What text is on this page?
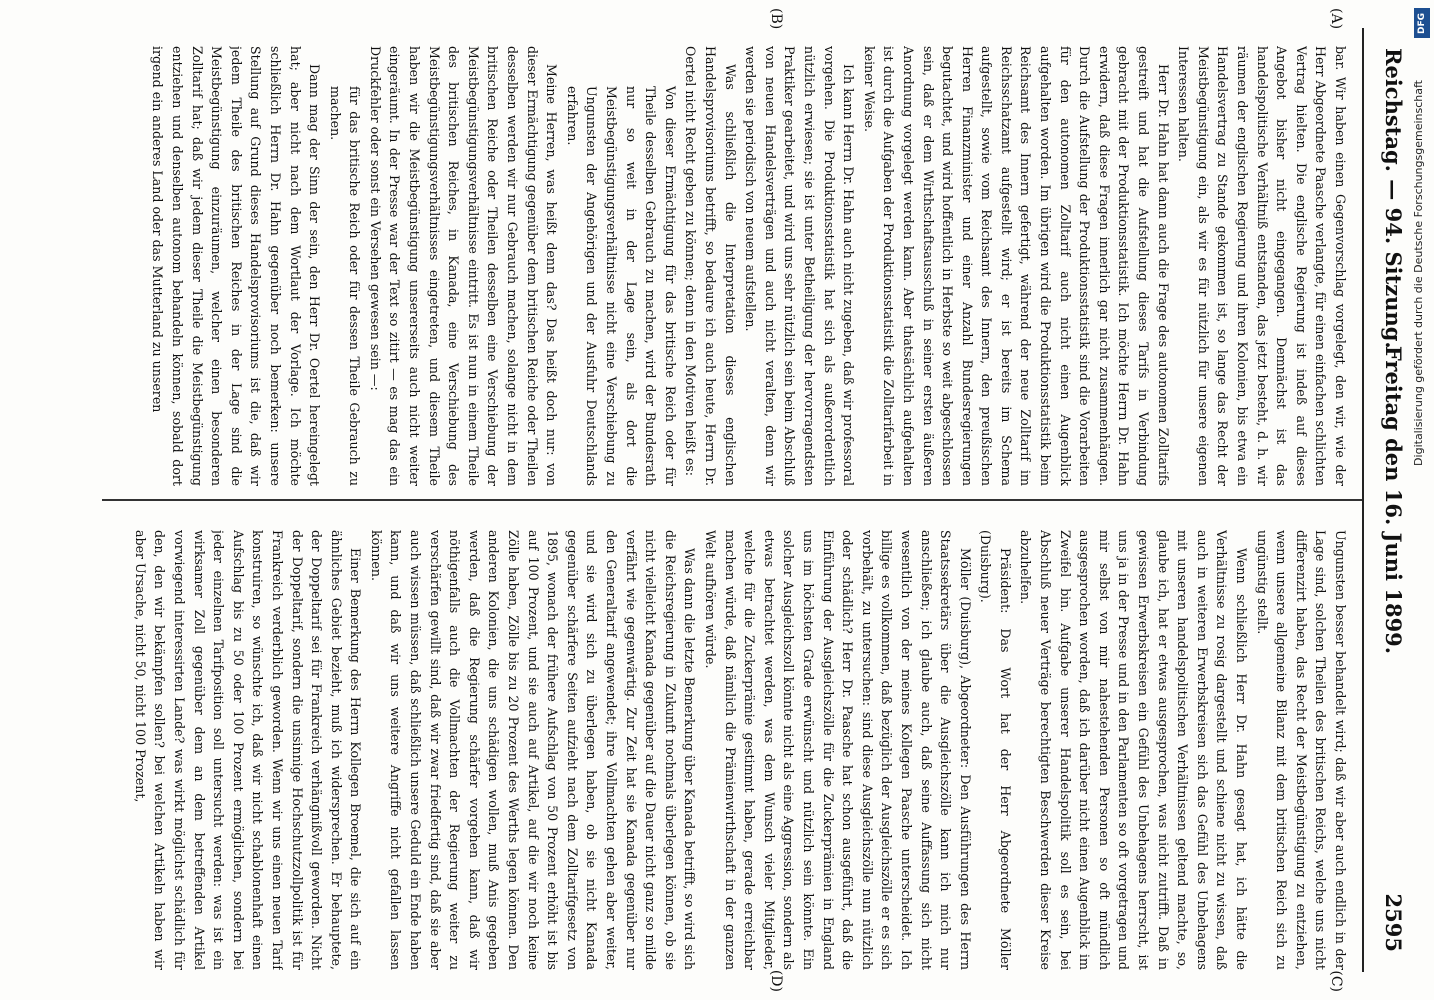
Reichstag. — 94. Sitzung.
Freitag den 16. Juni 1899.
2595
(A)
(B)
(C)
(D)

bar. Wir haben einen Gegenvorschlag vorgelegt, den wir, wie der Herr Abgeordnete Paasche verlangte, für einen einfachen schlichten Vertrag hielten. Die englische Regierung ist indeß auf dieses Angebot bisher nicht eingegangen. Demnächst ist das handelspolitische Verhältniß entstanden, das jetzt besteht, d. h. wir räumen der englischen Regierung und ihren Kolonien, bis etwa ein Handelsvertrag zu Stande gekommen ist, so lange das Recht der Meistbegünstigung ein, als wir es für nützlich für unsere eigenen Interessen halten.

Herr Dr. Hahn hat dann auch die Frage des autonomen Zolltarifs gestreift und hat die Aufstellung dieses Tarifs in Verbindung gebracht mit der Produktionsstatistik. Ich möchte Herrn Dr. Hahn erwidern, daß diese Fragen innerlich gar nicht zusammenhängen. Durch die Aufstellung der Produktionsstatistik sind die Vorarbeiten für den autonomen Zolltarif auch nicht einen Augenblick aufgehalten worden. Im übrigen wird die Produktionsstatistik beim Reichsamt des Innern gefertigt, während der neue Zolltarif im Reichsschatzamt aufgestellt wird; er ist bereits im Schema aufgestellt, sowie vom Reichsamt des Innern, den preußischen Herren Finanzminister und einer Anzahl Bundesregierungen begutachtet, und wird hoffentlich in Herbste so weit abgeschlossen sein, daß er dem Wirthschaftsausschuß in seiner ersten äußeren Anordnung vorgelegt werden kann. Aber thatsächlich aufgehalten ist durch die Aufgaben der Produktionsstatistik die Zolltarifarbeit in keiner Weise.

Ich kann Herrn Dr. Hahn auch nicht zugeben, daß wir professoral vorgehen. Die Produktionsstatistik hat sich als außerordentlich nützlich erwiesen; sie ist unter Betheiligung der hervorragendsten Praktiker gearbeitet, und wird uns sehr nützlich sein beim Abschluß von neuen Handelsverträgen und auch nicht veralten, denn wir werden sie periodisch von neuem aufstellen.

Was schließlich die Interpretation dieses englischen Handelsprovisoriums betrifft, so bedaure ich auch heute, Herrn Dr. Oertel nicht Recht geben zu können; denn in den Motiven heißt es:

Von dieser Ermächtigung für das britische Reich oder für Theile desselben Gebrauch zu machen, wird der Bundesrath nur so weit in der Lage sein, als dort die Meistbegünstigungsverhältnisse nicht eine Verschiebung zu Ungunsten der Angehörigen und der Ausfuhr Deutschlands erfahren.

Meine Herren, was heißt denn das? Das heißt doch nur: von dieser Ermächtigung gegenüber dem britischen Reiche oder Theilen desselben werden wir nur Gebrauch machen, solange nicht in dem britischen Reiche oder Theilen desselben eine Verschiebung der Meistbegünstigungsverhältnisse eintritt. Es ist nun in einem Theile des britischen Reiches, in Kanada, eine Verschiebung des Meistbegünstigungsverhältnisses eingetreten, und diesem Theile haben wir die Meistbegünstigung unsererseits auch nicht weiter eingeräumt. In der Presse war der Text so zitirt — es mag das ein Druckfehler oder sonst ein Versehen gewesen sein —:

für das britische Reich oder für dessen Theile Gebrauch zu machen.

Dann mag der Sinn der sein, den Herr Dr. Oertel hereingelegt hat; aber nicht nach dem Wortlaut der Vorlage. Ich möchte schließlich Herrn Dr. Hahn gegenüber noch bemerken: unsere Stellung auf Grund dieses Handelsprovisoriums ist die, daß wir jedem Theile des britischen Reiches in der Lage sind die Meistbegünstigung einzuräumen, welcher einen besonderen Zolltarif hat; daß wir jedem dieser Theile die Meistbegünstigung entziehen und denselben autonom behandeln können, sobald dort irgend ein anderes Land oder das Mutterland zu unseren

Ungunsten besser behandelt wird; daß wir aber auch endlich in der Lage sind, solchen Theilen des britischen Reichs, welche uns nicht differenzirt haben, das Recht der Meistbegünstigung zu entziehen, wenn unsere allgemeine Bilanz mit dem britischen Reich sich zu ungünstig stellt.

Wenn schließlich Herr Dr. Hahn gesagt hat, ich hätte die Verhältnisse zu rosig dargestellt und schiene nicht zu wissen, daß auch in weiteren Erwerbskreisen sich das Gefühl des Unbehagens mit unseren handelspolitischen Verhältnissen geltend machte, so, glaube ich, hat er etwas ausgesprochen, was nicht zutrifft. Daß in gewissen Erwerbskreisen ein Gefühl des Unbehagens herrscht, ist uns ja in der Presse und in den Parlamenten so oft vorgetragen und mir selbst von mir nahestehenden Personen so oft mündlich ausgesprochen worden, daß ich darüber nicht einen Augenblick im Zweifel bin. Aufgabe unserer Handelspolitik soll es sein, bei Abschluß neuer Verträge berechtigten Beschwerden dieser Kreise abzuhelfen.

Präsident: Das Wort hat der Herr Abgeordnete Möller (Duisburg).

Möller (Duisburg), Abgeordneter: Den Ausführungen des Herrn Staatssekretärs über die Ausgleichszölle kann ich mich nur anschließen; ich glaube auch, daß seine Auffassung sich nicht wesentlich von der meines Kollegen Paasche unterscheidet. Ich billige es vollkommen, daß bezüglich der Ausgleichszölle er es sich vorbehält, zu untersuchen: sind diese Ausgleichszölle nun nützlich oder schädlich? Herr Dr. Paasche hat schon ausgeführt, daß die Einführung der Ausgleichszölle für die Zuckerprämien in England uns im höchsten Grade erwünscht und nützlich sein könnte. Ein solcher Ausgleichszoll könnte nicht als eine Aggression, sondern als etwas betrachtet werden, was dem Wunsch vieler Mitglieder, welche für die Zuckerprämie gestimmt haben, gerade erreichbar machen würde, daß nämlich die Prämienwirthschaft in der ganzen Welt aufhören würde.

Was dann die letzte Bemerkung über Kanada betrifft, so wird sich die Reichsregierung in Zukunft nochmals überlegen können, ob sie nicht vielleicht Kanada gegenüber auf die Dauer nicht ganz so milde verfährt wie gegenwärtig. Zur Zeit hat sie Kanada gegenüber nur den Generaltarif angewendet; ihre Vollmachten gehen aber weiter, und sie wird sich zu überlegen haben, ob sie nicht Kanada gegenüber schärfere Seiten aufzieht nach dem Zolltarifgesetz von 1895, wonach der frühere Aufschlag von 50 Prozent erhöht ist bis auf 100 Prozent, und sie auch auf Artikel, auf die wir noch keine Zölle haben, Zölle bis zu 20 Prozent des Werths legen können. Den anderen Kolonien, die uns schädigen wollen, muß Anis gegeben werden, daß die Regierung schärfer vorgehen kann, daß wir nöthigenfalls auch die Vollmachten der Regierung weiter zu verschärfen gewillt sind, daß wir zwar friedfertig sind, daß sie aber auch wissen müssen, daß schließlich unsere Geduld ein Ende haben kann, und daß wir uns weitere Angriffe nicht gefallen lassen können.

Einer Bemerkung des Herrn Kollegen Broemel, die sich auf ein ähnliches Gebiet bezieht, muß ich widersprechen. Er behauptete, der Doppeltarif sei für Frankreich verhängnißvoll geworden. Nicht der Doppeltarif, sondern die unsinnige Hochschutzzollpolitik ist für Frankreich verderblich geworden. Wenn wir uns einen neuen Tarif konstruiren, so wünschte ich, daß wir nicht schablonenhaft einen Aufschlag bis zu 50 oder 100 Prozent ermöglichen, sondern bei jeder einzelnen Tarifposition soll untersucht werden: was ist ein wirksamer Zoll gegenüber dem an dem betreffenden Artikel vorwiegend interessirten Lande? was wirkt möglichst schädlich für den, den wir bekämpfen sollen? bei welchen Artikeln haben wir aber Ursache, nicht 50, nicht 100 Prozent,

DFG
Digitalisierung gefördert durch die Deutsche Forschungsgemeinschaft
